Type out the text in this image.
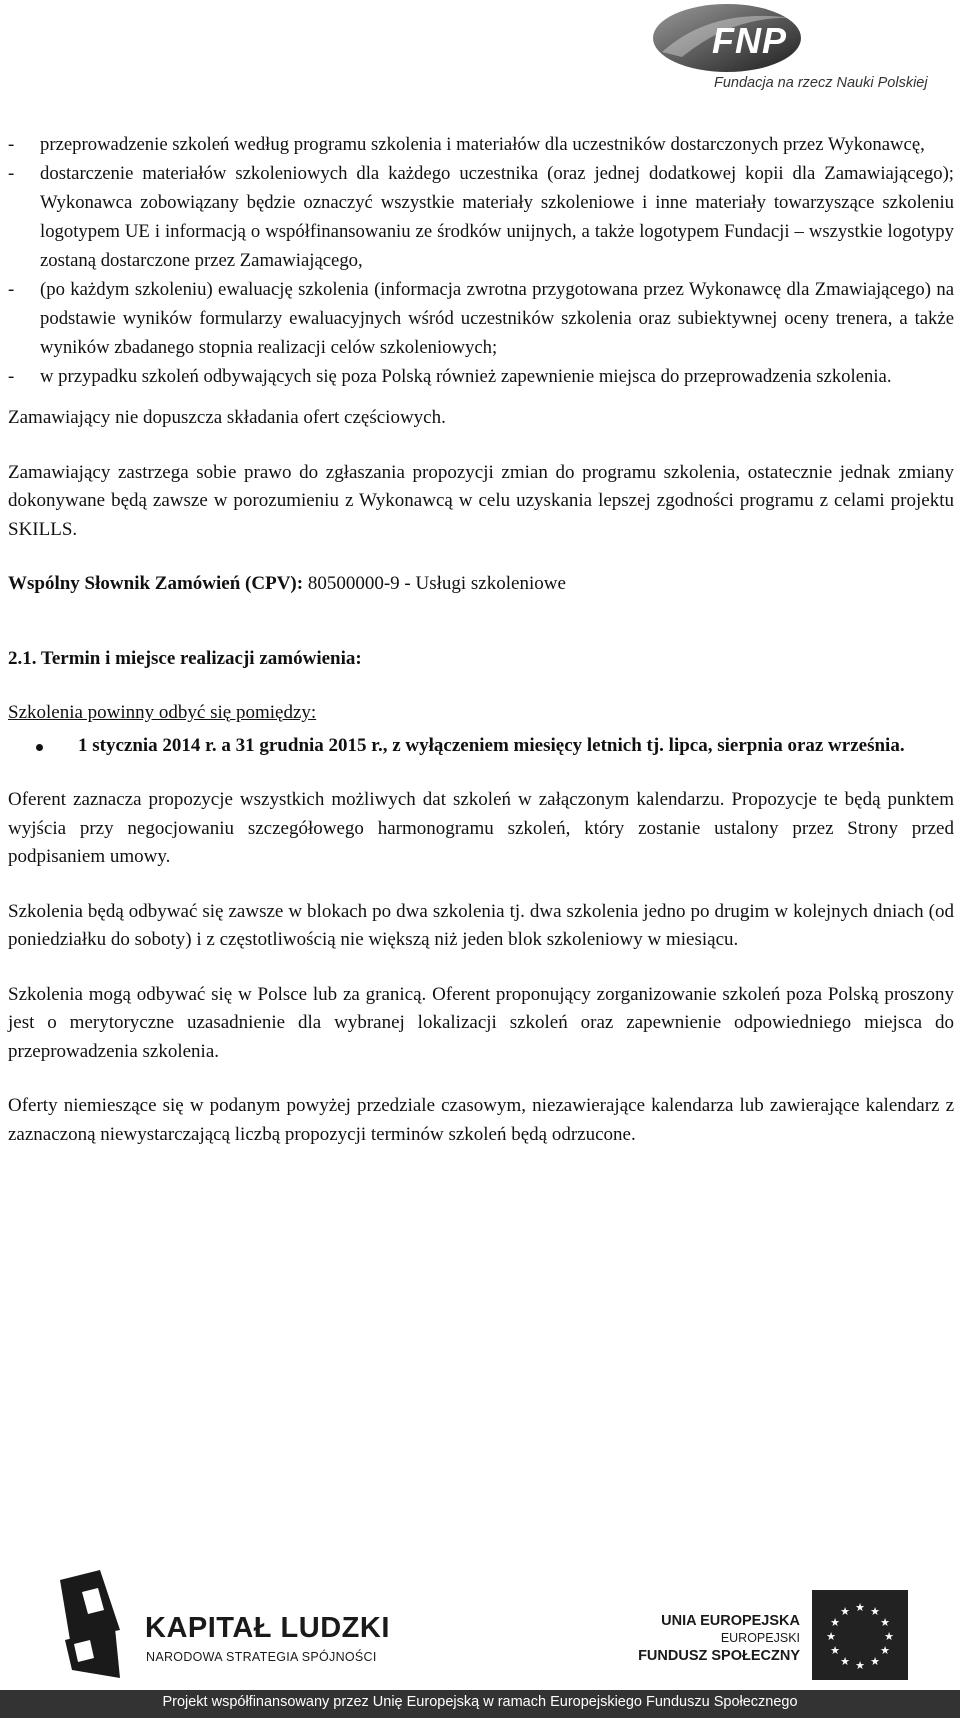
FNP
Fundacja na rzecz Nauki Polskiej
- przeprowadzenie szkoleń według programu szkolenia i materiałów dla uczestników dostarczonych przez Wykonawcę,
- dostarczenie materiałów szkoleniowych dla każdego uczestnika (oraz jednej dodatkowej kopii dla Zamawiającego); Wykonawca zobowiązany będzie oznaczyć wszystkie materiały szkoleniowe i inne materiały towarzyszące szkoleniu logotypem UE i informacją o współfinansowaniu ze środków unijnych, a także logotypem Fundacji – wszystkie logotypy zostaną dostarczone przez Zamawiającego,
- (po każdym szkoleniu) ewaluację szkolenia (informacja zwrotna przygotowana przez Wykonawcę dla Zmawiającego) na podstawie wyników formularzy ewaluacyjnych wśród uczestników szkolenia oraz subiektywnej oceny trenera, a także wyników zbadanego stopnia realizacji celów szkoleniowych;
- w przypadku szkoleń odbywających się poza Polską również zapewnienie miejsca do przeprowadzenia szkolenia.

Zamawiający nie dopuszcza składania ofert częściowych.

Zamawiający zastrzega sobie prawo do zgłaszania propozycji zmian do programu szkolenia, ostatecznie jednak zmiany dokonywane będą zawsze w porozumieniu z Wykonawcą w celu uzyskania lepszej zgodności programu z celami projektu SKILLS.

Wspólny Słownik Zamówień (CPV): 80500000-9 - Usługi szkoleniowe

2.1. Termin i miejsce realizacji zamówienia:

Szkolenia powinny odbyć się pomiędzy:

1 stycznia 2014 r. a 31 grudnia 2015 r., z wyłączeniem miesięcy letnich tj. lipca, sierpnia oraz września.

Oferent zaznacza propozycje wszystkich możliwych dat szkoleń w załączonym kalendarzu. Propozycje te będą punktem wyjścia przy negocjowaniu szczegółowego harmonogramu szkoleń, który zostanie ustalony przez Strony przed podpisaniem umowy.

Szkolenia będą odbywać się zawsze w blokach po dwa szkolenia tj. dwa szkolenia jedno po drugim w kolejnych dniach (od poniedziałku do soboty) i z częstotliwością nie większą niż jeden blok szkoleniowy w miesiącu.

Szkolenia mogą odbywać się w Polsce lub za granicą. Oferent proponujący zorganizowanie szkoleń poza Polską proszony jest o merytoryczne uzasadnienie dla wybranej lokalizacji szkoleń oraz zapewnienie odpowiedniego miejsca do przeprowadzenia szkolenia.

Oferty niemieszące się w podanym powyżej przedziale czasowym, niezawierające kalendarza lub zawierające kalendarz z zaznaczoną niewystarczającą liczbą propozycji terminów szkoleń będą odrzucone.

KAPITAŁ LUDZKI
NARODOWA STRATEGIA SPÓJNOŚCI
UNIA EUROPEJSKA
EUROPEJSKI
FUNDUSZ SPOŁECZNY
★ ★
★
★
★
★
★
★
★
★
★
★
Projekt współfinansowany przez Unię Europejską w ramach Europejskiego Funduszu Społecznego
